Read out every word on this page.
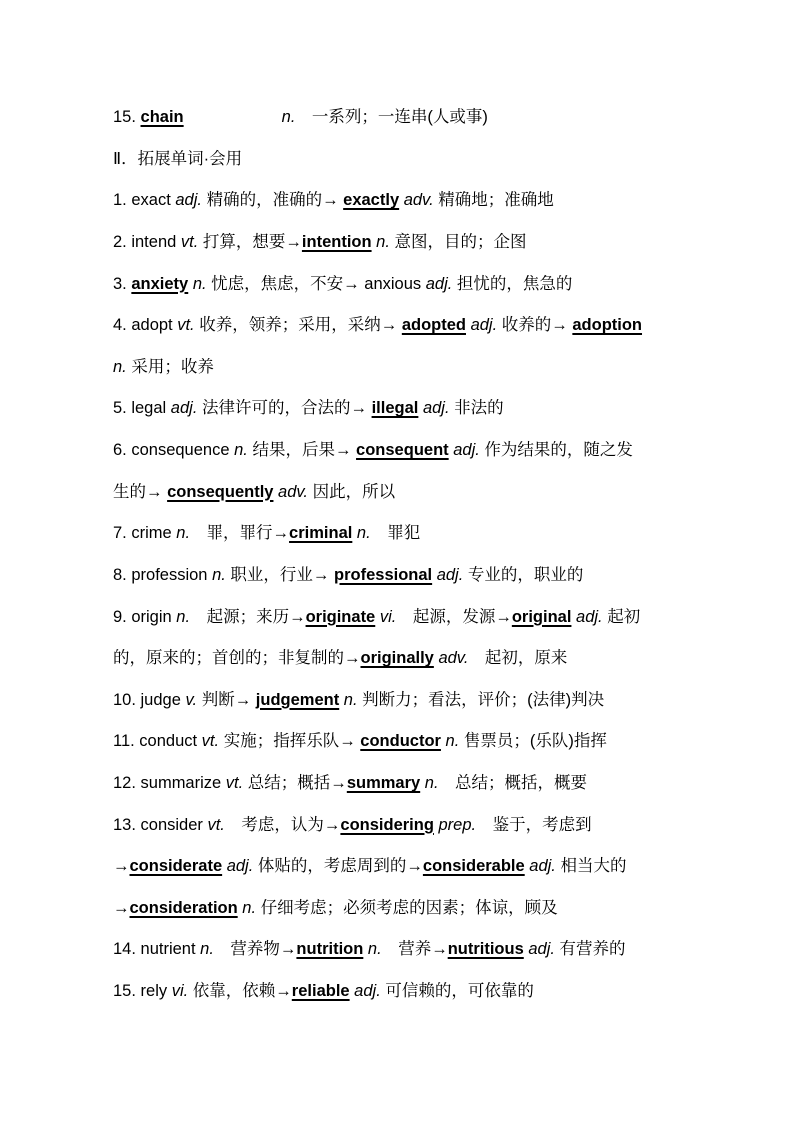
15. chain	n.　一系列；一连串(人或事)
Ⅱ．拓展单词·会用
1. exact adj. 精确的，准确的→ exactly adv. 精确地；准确地
2. intend vt. 打算，想要→intention n. 意图，目的；企图
3. anxiety n. 忧虑，焦虑，不安→ anxious adj. 担忧的，焦急的
4. adopt vt. 收养，领养；采用，采纳→ adopted adj. 收养的→ adoption
n. 采用；收养
5. legal adj. 法律许可的，合法的→ illegal adj. 非法的
6. consequence n. 结果，后果→ consequent adj. 作为结果的，随之发
生的→ consequently adv. 因此，所以
7. crime n.　罪，罪行→criminal n.　罪犯
8. profession n. 职业，行业→ professional adj. 专业的，职业的
9. origin n.　起源；来历→originate vi.　起源，发源→original adj. 起初
的，原来的；首创的；非复制的→originally adv.　起初，原来
10. judge v. 判断→ judgement n. 判断力；看法，评价；(法律)判决
11. conduct vt. 实施；指挥乐队→ conductor n. 售票员；(乐队)指挥
12. summarize vt. 总结；概括→summary n.　总结；概括，概要
13. consider vt.　考虑，认为→considering prep.　鉴于，考虑到
→considerate adj. 体贴的，考虑周到的→considerable adj. 相当大的
→consideration n. 仔细考虑；必须考虑的因素；体谅，顾及
14. nutrient n.　营养物→nutrition n.　营养→nutritious adj. 有营养的
15. rely vi. 依靠，依赖→reliable adj. 可信赖的，可依靠的
